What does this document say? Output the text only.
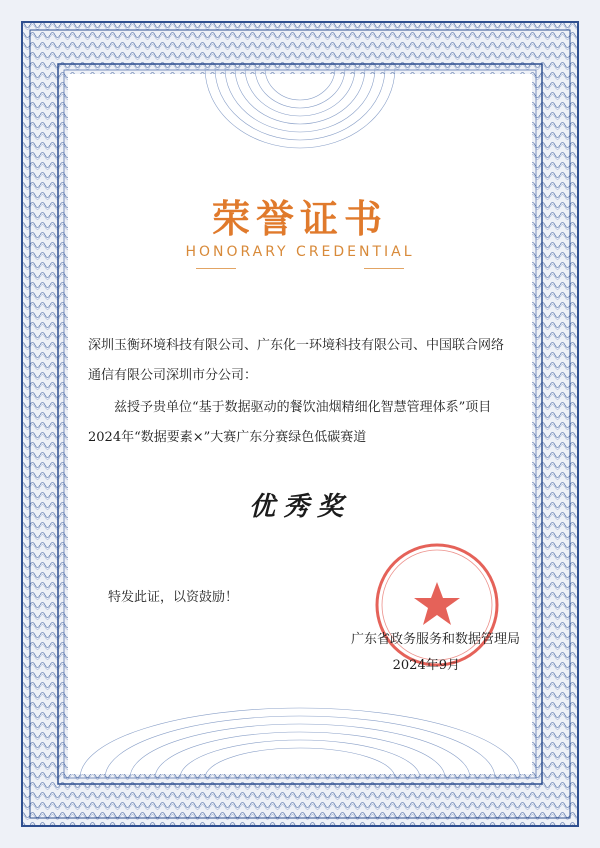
荣誉证书
HONORARY CREDENTIAL
深圳玉衡环境科技有限公司、广东化一环境科技有限公司、中国联合网络
通信有限公司深圳市分公司：
兹授予贵单位“基于数据驱动的餐饮油烟精细化智慧管理体系”项目
2024年“数据要素×”大赛广东分赛绿色低碳赛道
优秀奖
特发此证，以资鼓励！
广东省政务服务和数据管理局
2024年9月
